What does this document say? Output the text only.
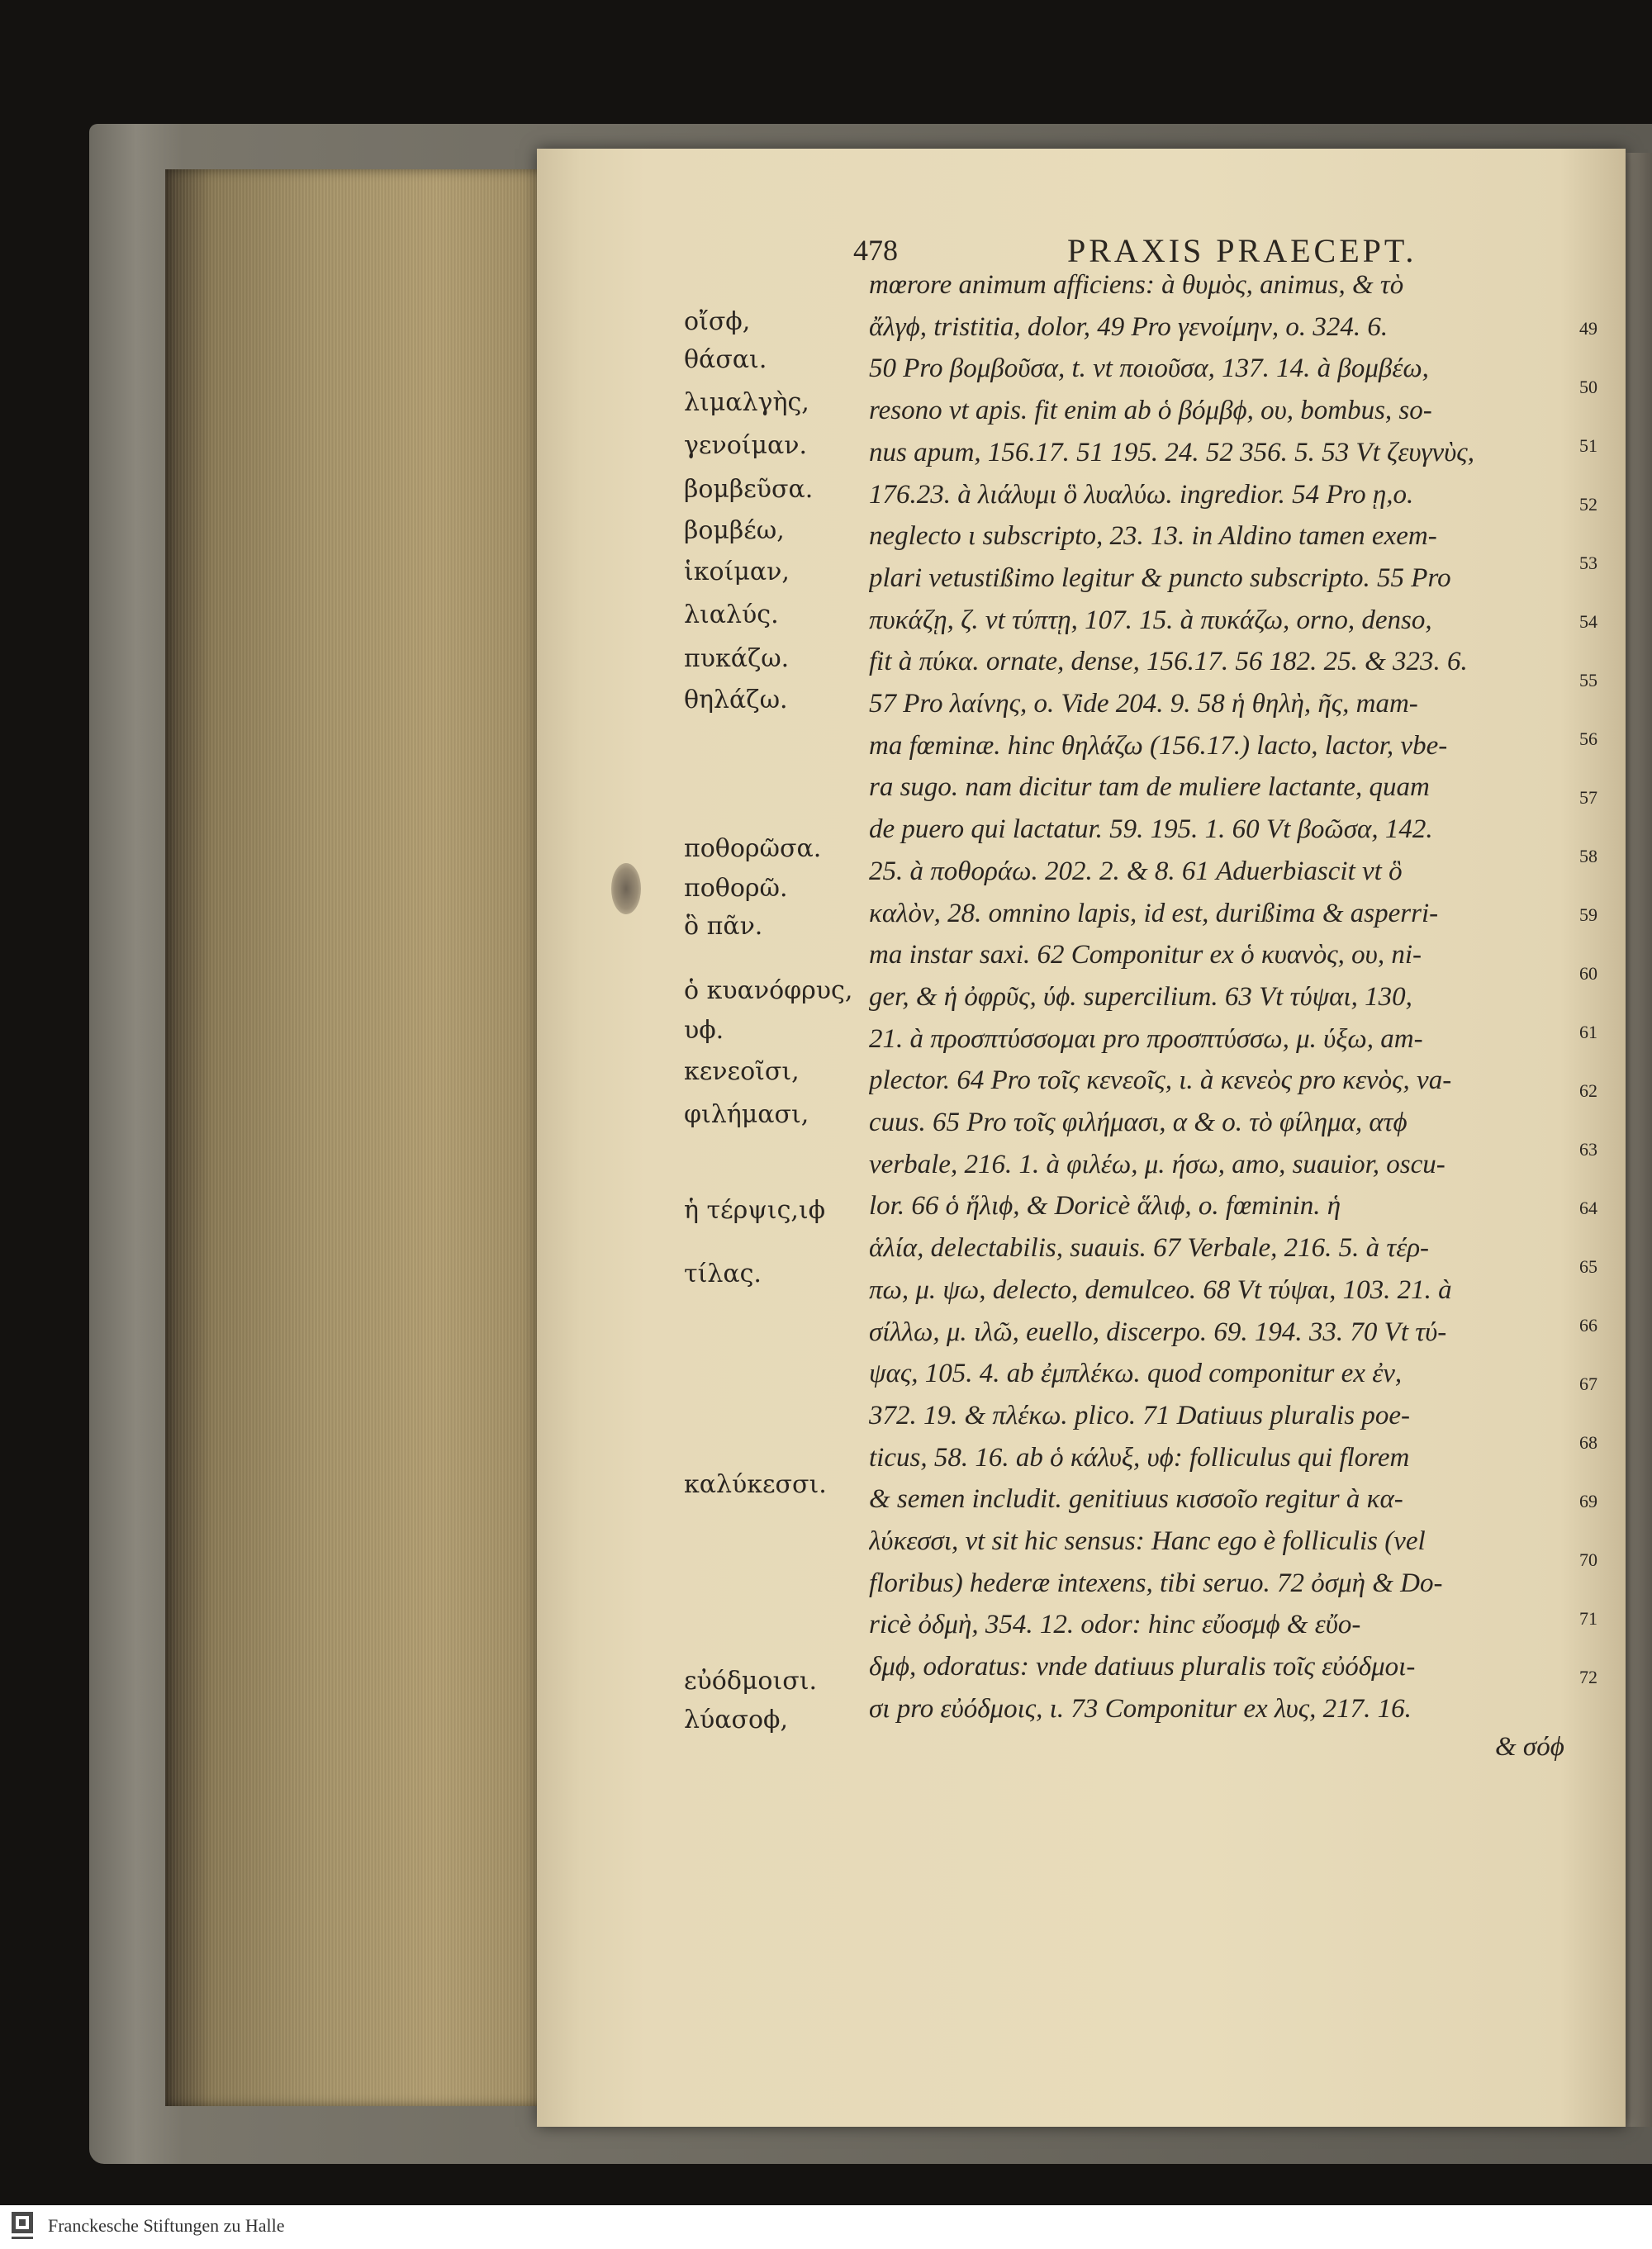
478	PRAXIS PRAECEPT.
οἴσϕ,
θάσαι.
λιμαλγὴς,
γενοίμαν.
βομβεῦσα.
βομβέω,
ἱκοίμαν,
λιαλύς.
πυκάζω.
θηλάζω.
ποθορῶσα.
ποθορῶ.
ὃ πᾶν.
ὁ κυανόφρυς,
υϕ.
κενεοῖσι,
φιλήμασι,
ἡ τέρψις,ιϕ
τίλας.
καλύκεσσι.
εὐόδμοισι.
λύασοϕ,
mœrore animum afficiens: à θυμὸς, animus, & τὸ
ἄλγϕ, tristitia, dolor, 49 Pro γενοίμην, o. 324. 6.
50 Pro βομβοῦσα, t. vt ποιοῦσα, 137. 14. à βομβέω,
resono vt apis. fit enim ab ὁ βόμβϕ, ου, bombus, so-
nus apum, 156.17. 51 195. 24. 52 356. 5. 53 Vt ζευγνὺς,
176.23. à λιάλυμι ὃ λυαλύω. ingredior. 54 Pro ῃ,o.
neglecto ι subscripto, 23. 13. in Aldino tamen exem-
plari vetustißimo legitur & puncto subscripto. 55 Pro
πυκάζῃ, ζ. vt τύπτῃ, 107. 15. à πυκάζω, orno, denso,
fit à πύκα. ornate, dense, 156.17. 56 182. 25. & 323. 6.
57 Pro λαίνης, o. Vide 204. 9. 58 ἡ θηλὴ, ῆς, mam-
ma fœminæ. hinc θηλάζω (156.17.) lacto, lactor, vbe-
ra sugo. nam dicitur tam de muliere lactante, quam
de puero qui lactatur. 59. 195. 1. 60 Vt βοῶσα, 142.
25. à ποθοράω. 202. 2. & 8. 61 Aduerbiascit vt ὃ
καλὸν, 28. omnino lapis, id est, durißima & asperri-
ma instar saxi. 62 Componitur ex ὁ κυανὸς, ου, ni-
ger, & ἡ ὀφρῦς, ύϕ. supercilium. 63 Vt τύψαι, 130,
21. à προσπτύσσομαι pro προσπτύσσω, μ. ύξω, am-
plector. 64 Pro τοῖς κενεοῖς, ι. à κενεὸς pro κενὸς, va-
cuus. 65 Pro τοῖς φιλήμασι, α & ο. τὸ φίλημα, ατϕ
verbale, 216. 1. à φιλέω, μ. ήσω, amo, suauior, oscu-
lor. 66 ὁ ἥλιϕ, & Doricè ἅλιϕ, ο. fœminin. ἡ
ἁλία, delectabilis, suauis. 67 Verbale, 216. 5. à τέρ-
πω, μ. ψω, delecto, demulceo. 68 Vt τύψαι, 103. 21. à
σίλλω, μ. ιλῶ, euello, discerpo. 69. 194. 33. 70 Vt τύ-
ψας, 105. 4. ab ἐμπλέκω. quod componitur ex ἐν,
372. 19. & πλέκω. plico. 71 Datiuus pluralis poe-
ticus, 58. 16. ab ὁ κάλυξ, υϕ: folliculus qui florem
& semen includit. genitiuus κισσοῖο regitur à κα-
λύκεσσι, vt sit hic sensus: Hanc ego è folliculis (vel
floribus) hederæ intexens, tibi seruo. 72 ὀσμὴ & Do-
ricè ὀδμὴ, 354. 12. odor: hinc εὔοσμϕ & εὔο-
δμϕ, odoratus: vnde datiuus pluralis τοῖς εὐόδμοι-
σι pro εὐόδμοις, ι. 73 Componitur ex λυς, 217. 16.
49
50
51
52
53
54
55
56
57
58
59
60
61
62
63
64
65
66
67
68
69
70
71
72
& σόϕ
Franckesche Stiftungen zu Halle
